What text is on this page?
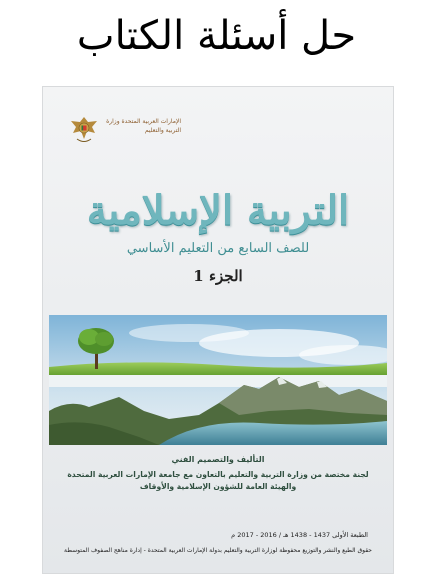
حل أسئلة الكتاب
الإمارات العربية المتحدة وزارة التربية والتعليم
التربية الإسلامية
للصف السابع من التعليم الأساسي
الجزء 1
التأليف والتصميم الفني
لجنة مختصة من وزارة التربية والتعليم بالتعاون مع جامعة الإمارات العربية المتحدة والهيئة العامة للشؤون الإسلامية والأوقاف
الطبعة الأولى 1437 - 1438 هـ / 2016 - 2017 م
حقوق الطبع والنشر والتوزيع محفوظة لوزارة التربية والتعليم بدولة الإمارات العربية المتحدة - إدارة مناهج الصفوف المتوسطة
